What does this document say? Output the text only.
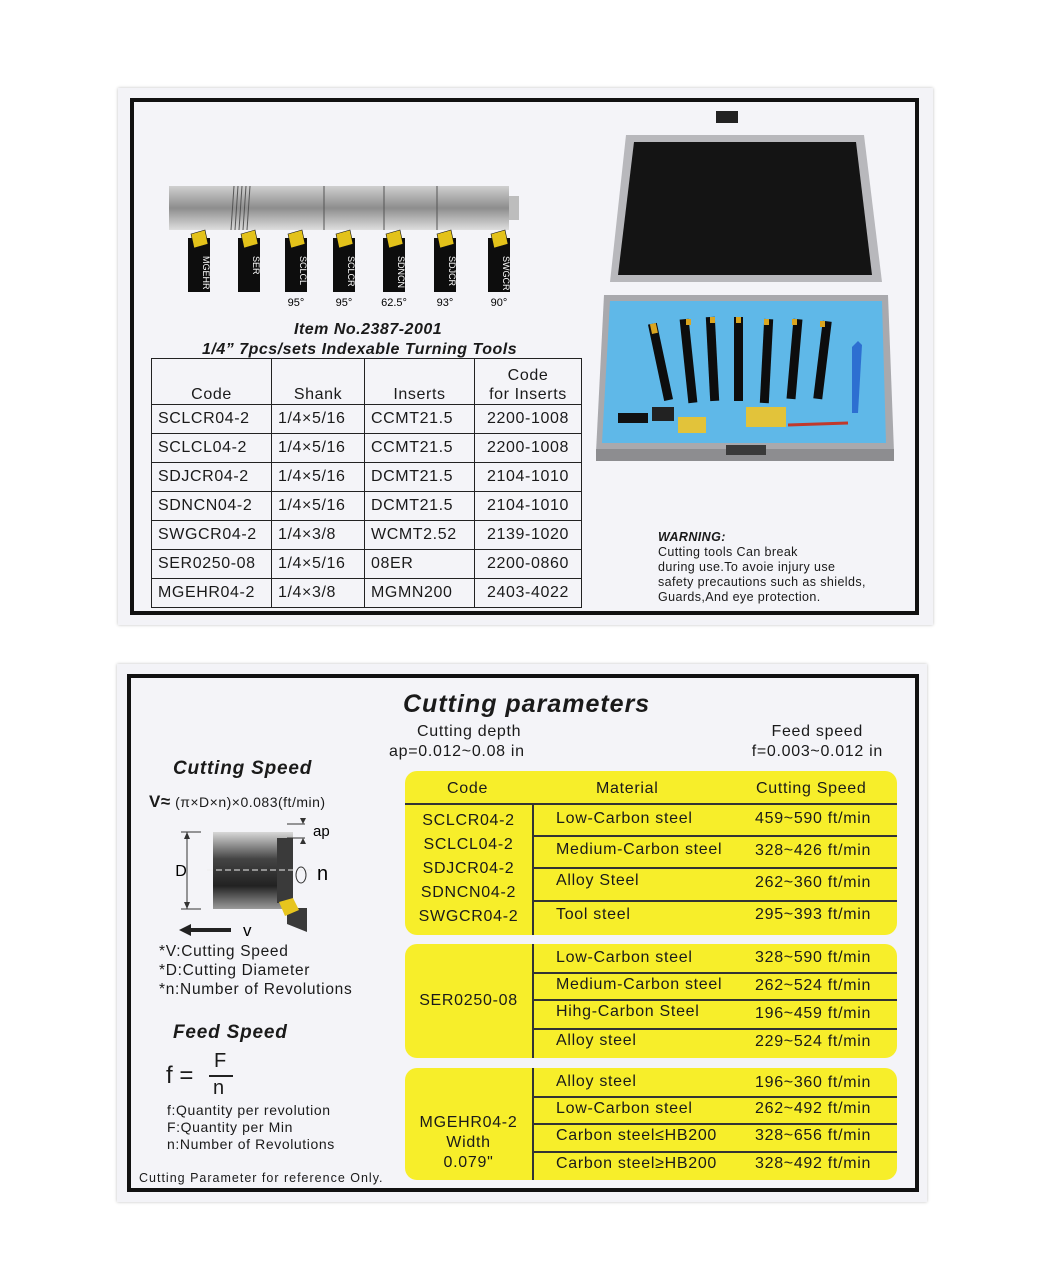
MGEHR	SER	SCLCL
95°
SCLCR
95°
SDNCN
62.5°
SDJCR
93°
SWGCR
90°
Item No.2387-2001
1/4” 7pcs/sets Indexable Turning Tools
Code	Shank	Inserts	Code
for Inserts
SCLCR04-2	1/4×5/16	CCMT21.5	2200-1008
SCLCL04-2	1/4×5/16	CCMT21.5	2200-1008
SDJCR04-2	1/4×5/16	DCMT21.5	2104-1010
SDNCN04-2	1/4×5/16	DCMT21.5	2104-1010
SWGCR04-2	1/4×3/8	WCMT2.52	2139-1020
SER0250-08	1/4×5/16	08ER	2200-0860
MGEHR04-2	1/4×3/8	MGMN200	2403-4022
WARNING:
Cutting tools Can break
during use.To avoie injury use
safety precautions such as shields,
Guards,And eye protection.
Cutting parameters
Cutting depth
ap=0.012~0.08 in
Feed speed
f=0.003~0.012 in
Cutting Speed
V≈ (π×D×n)×0.083(ft/min)
D
ap
n
v
*V:Cutting Speed
*D:Cutting Diameter
*n:Number of Revolutions
Feed Speed
f =
F
n
f:Quantity per revolution
F:Quantity per Min
n:Number of Revolutions
Cutting Parameter for reference Only.
Code	Material	Cutting Speed
SCLCR04-2
SCLCL04-2
SDJCR04-2
SDNCN04-2
SWGCR04-2
Low-Carbon steel	459~590 ft/min
Medium-Carbon steel 328~426 ft/min
Alloy Steel	262~360 ft/min
Tool steel	295~393 ft/min
SER0250-08
Low-Carbon steel	328~590 ft/min
Medium-Carbon steel 262~524 ft/min
Hihg-Carbon Steel	196~459 ft/min
Alloy steel	229~524 ft/min
MGEHR04-2
Width
0.079"
Alloy steel	196~360 ft/min
Low-Carbon steel	262~492 ft/min
Carbon steel≤HB200 328~656 ft/min
Carbon steel≥HB200 328~492 ft/min
